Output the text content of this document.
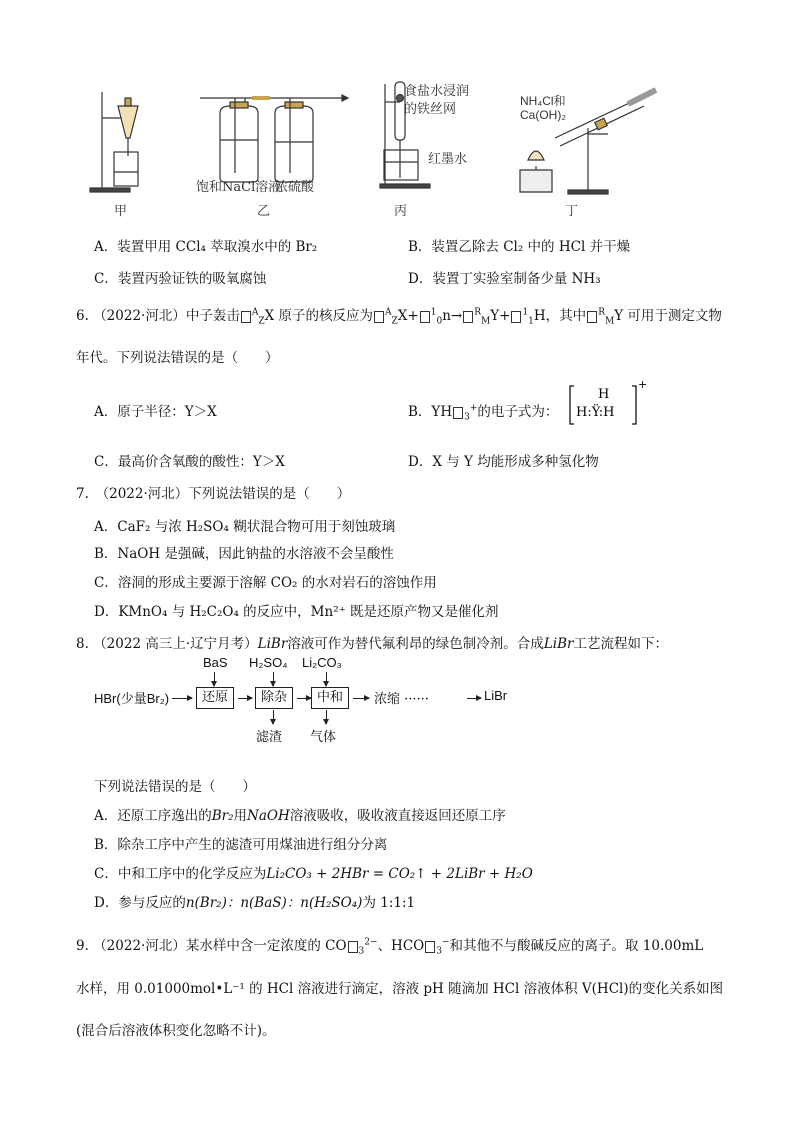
饱和NaCl溶液
浓硫酸
食盐水浸润
的铁丝网
红墨水
NH₄Cl和
Ca(OH)₂
甲	乙	丙	丁
A．装置甲用 CCl₄ 萃取溴水中的 Br₂	B．装置乙除去 Cl₂ 中的 HCl 并干燥
C．装置丙验证铁的吸氧腐蚀	D．装置丁实验室制备少量 NH₃
6. （2022·河北）中子轰击 $^A_Z$X 原子的核反应为 $^A_Z$X+ $^1_0$n→ $^R_M$Y+ $^1_1$H，其中 $^R_M$Y 可用于测定文物
年代。下列说法错误的是（　　）
A．原子半径：Y＞X	B．YH $_3$+的电子式为：
H
H:Ÿ:H
+
C．最高价含氧酸的酸性：Y＞X	D．X 与 Y 均能形成多种氢化物
7.　（2022·河北）下列说法错误的是（　　）
A．CaF₂ 与浓 H₂SO₄ 糊状混合物可用于刻蚀玻璃
B．NaOH 是强碱，因此钠盐的水溶液不会呈酸性
C．溶洞的形成主要源于溶解 CO₂ 的水对岩石的溶蚀作用
D．KMnO₄ 与 H₂C₂O₄ 的反应中，Mn²⁺ 既是还原产物又是催化剂
8. （2022 高三上·辽宁月考）LiBr溶液可作为替代氟利昂的绿色制冷剂。合成LiBr工艺流程如下：
HBr(少量Br₂)
BaS
还原
H₂SO₄
除杂
滤渣
Li₂CO₃
中和
气体
浓缩 ······	LiBr
下列说法错误的是（　　）
A．还原工序逸出的Br₂用NaOH溶液吸收，吸收液直接返回还原工序
B．除杂工序中产生的滤渣可用煤油进行组分分离
C．中和工序中的化学反应为Li₂CO₃ + 2HBr = CO₂↑ + 2LiBr + H₂O
D．参与反应的n(Br₂)：n(BaS)：n(H₂SO₄)为 1:1:1
9. （2022·河北）某水样中含一定浓度的 CO $_3^{2-}$、HCO $_3$−和其他不与酸碱反应的离子。取 10.00mL
水样，用 0.01000mol•L⁻¹ 的 HCl 溶液进行滴定，溶液 pH 随滴加 HCl 溶液体积 V(HCl)的变化关系如图
(混合后溶液体积变化忽略不计)。
